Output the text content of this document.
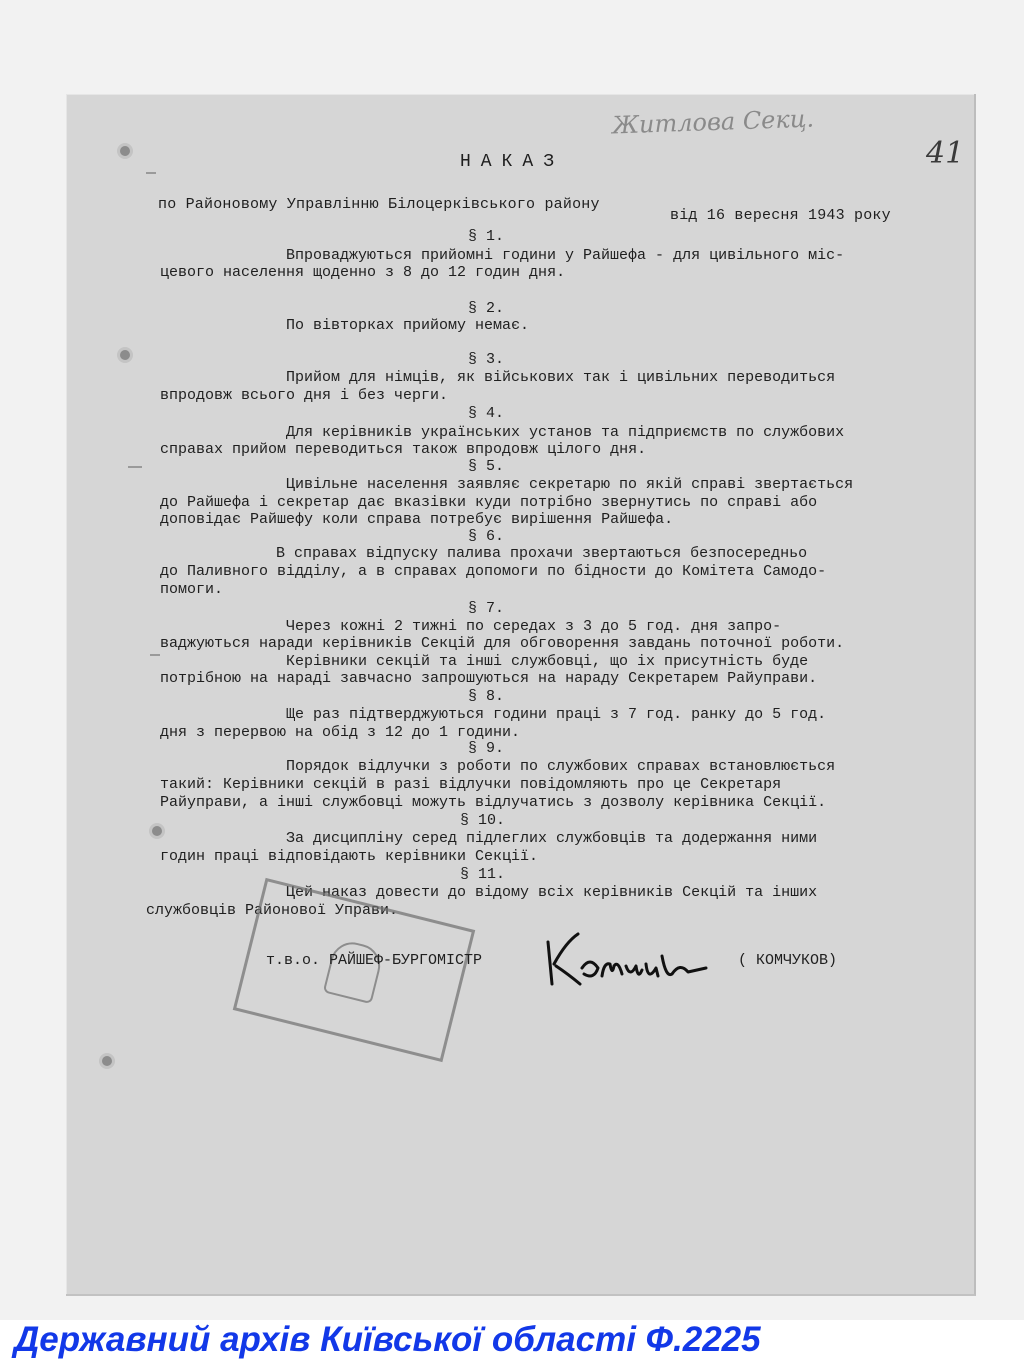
Житлова Секц.
41
НАКАЗ
по Районовому Управлінню Білоцерківського району
від 16 вересня 1943 року
§ 1.
Впроваджуються прийомні години у Райшефа - для цивільного міс-
цевого населення щоденно з 8 до 12 годин дня.
§ 2.
По вівторках прийому немає.
§ 3.
Прийом для німців, як військових так і цивільних переводиться
впродовж всього дня і без черги.
§ 4.
Для керівників українських установ та підприємств по службових
справах прийом переводиться також впродовж цілого дня.
§ 5.
Цивільне населення заявляє секретарю по якій справі звертається
до Райшефа і секретар дає вказівки куди потрібно звернутись по справі або
доповідає Райшефу коли справа потребує вирішення Райшефа.
§ 6.
В справах відпуску палива прохачи звертаються безпосередньо
до Паливного відділу, а в справах допомоги по бідности до Комітета Самодо-
помоги.
§ 7.
Через кожні 2 тижні по середах з 3 до 5 год. дня запро-
ваджуються наради керівників Секцій для обговорення завдань поточної роботи.
Керівники секцій та інші службовці, що іх присутність буде
потрібною на нараді завчасно запрошуються на нараду Секретарем Райуправи.
§ 8.
Ще раз підтверджуються години праці з 7 год. ранку до 5 год.
дня з перервою на обід з 12 до 1 години.
§ 9.
Порядок відлучки з роботи по службових справах встановлюється
такий: Керівники секцій в разі відлучки повідомляють про це Секретаря
Райуправи, а інші службовці можуть відлучатись з дозволу керівника Секції.
§ 10.
За дисципліну серед підлеглих службовців та додержання ними
годин праці відповідають керівники Секції.
§ 11.
Цей наказ довести до відому всіх керівників Секцій та інших
службовців Районової Управи.
т.в.о. РАЙШЕФ-БУРГОМІСТР	( КОМЧУКОВ)
Державний архів Київської області Ф.2225
